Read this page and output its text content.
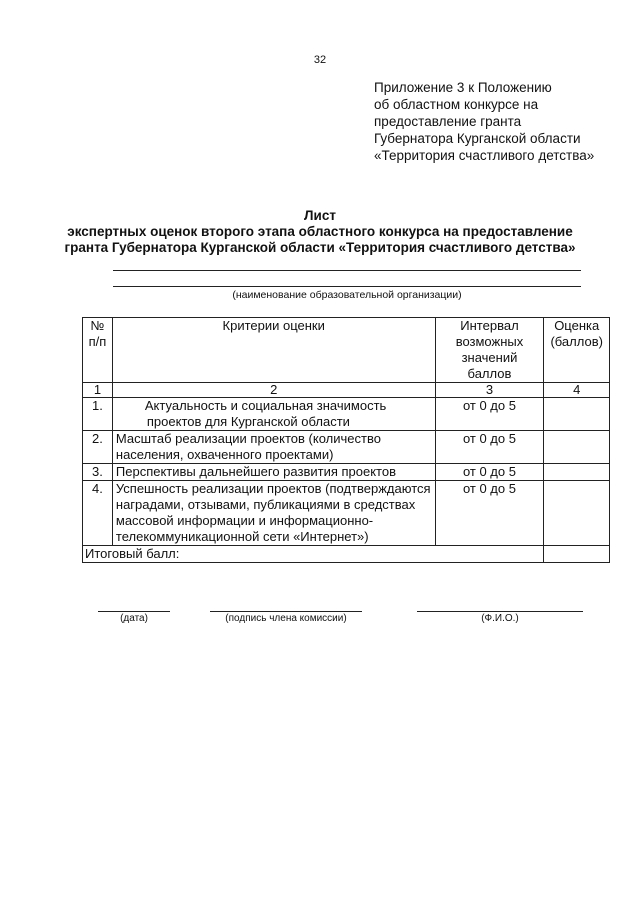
32
Приложение 3 к Положению
об областном конкурсе на
предоставление гранта
Губернатора Курганской области
«Территория счастливого детства»
Лист
экспертных оценок второго этапа областного конкурса на предоставление
гранта Губернатора Курганской области «Территория счастливого детства»
(наименование образовательной организации)
№ п/п	Критерии оценки	Интервал возможных значений баллов	Оценка (баллов)
1	2	3	4
1.	Актуальность и социальная значимость проектов для Курганской области	от 0 до 5	
2.	Масштаб реализации проектов (количество населения, охваченного проектами)	от 0 до 5	
3.	Перспективы дальнейшего развития проектов	от 0 до 5	
4.	Успешность реализации проектов (подтверждаются наградами, отзывами, публикациями в средствах массовой информации и информационно-телекоммуникационной сети «Интернет»)	от 0 до 5	
Итоговый балл:			
(дата)	(подпись члена комиссии)	(Ф.И.О.)
